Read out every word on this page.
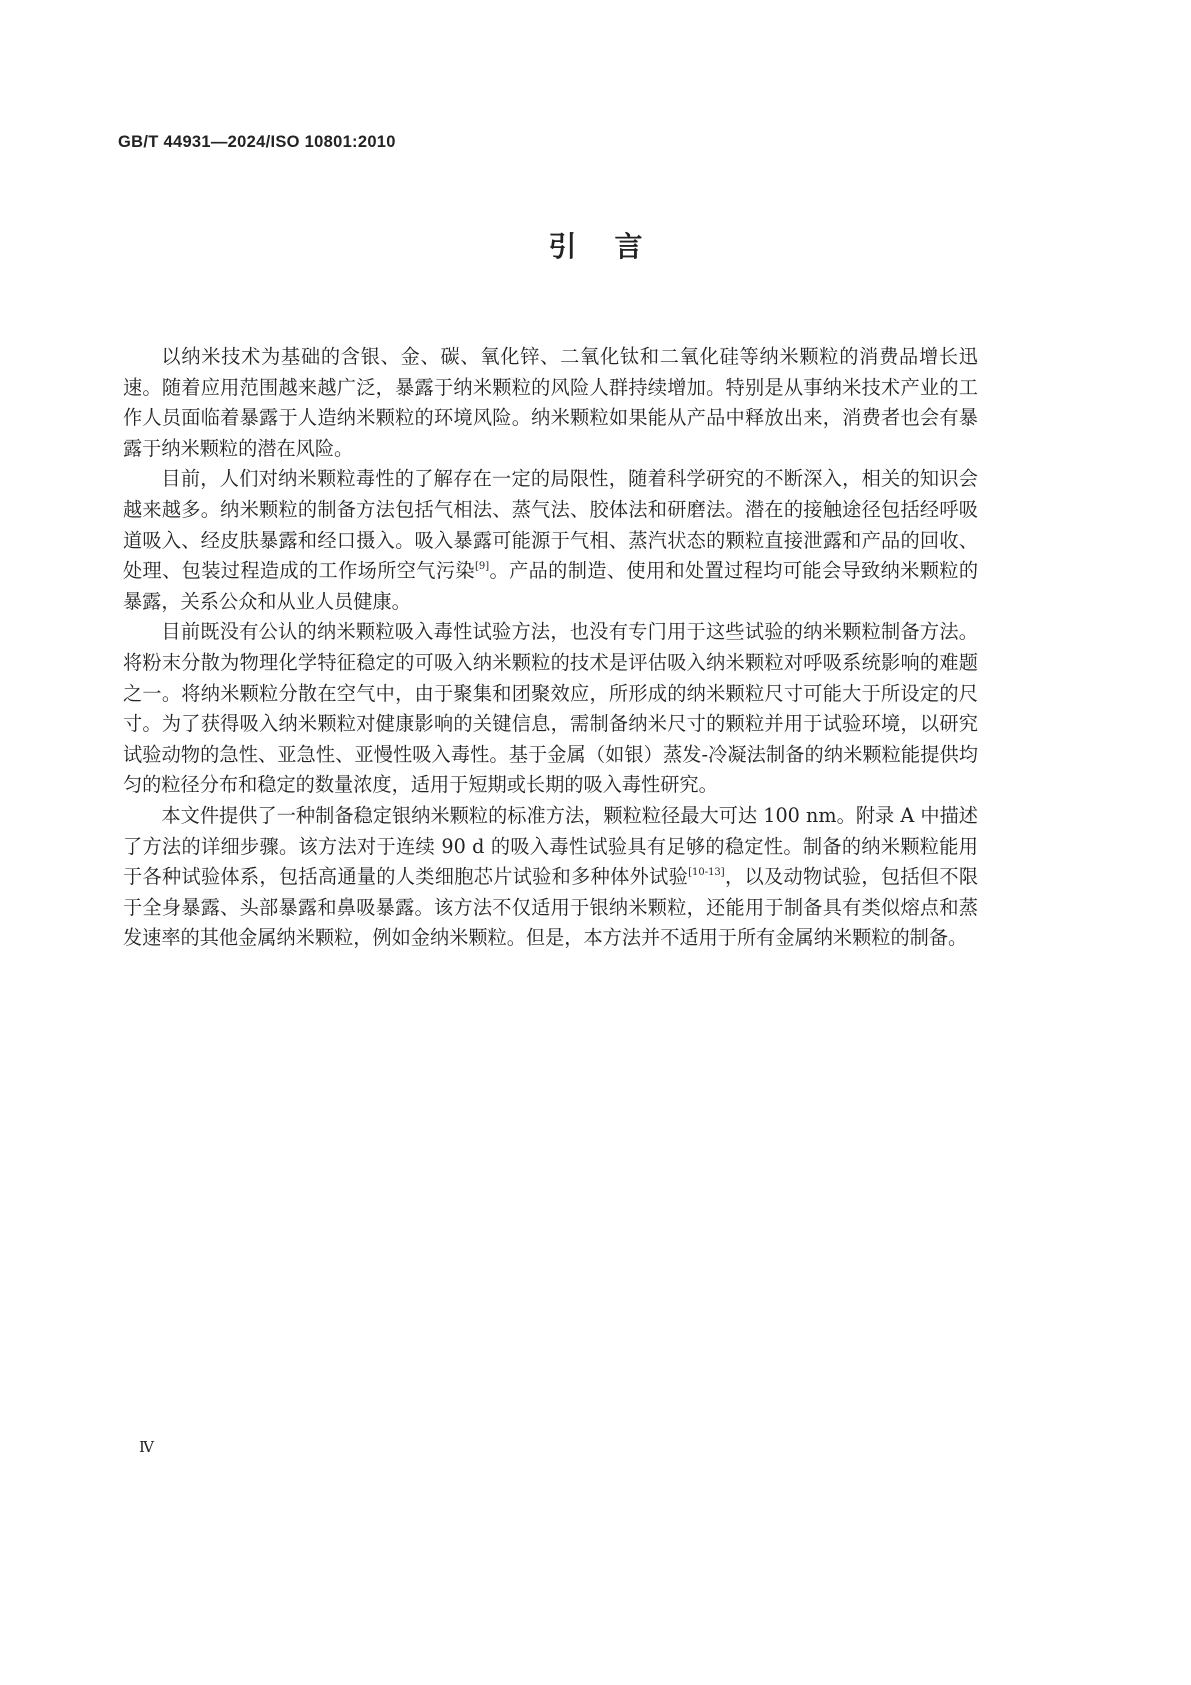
GB/T 44931—2024/ISO 10801:2010
引言

以纳米技术为基础的含银、金、碳、氧化锌、二氧化钛和二氧化硅等纳米颗粒的消费品增长迅速。随着应用范围越来越广泛，暴露于纳米颗粒的风险人群持续增加。特别是从事纳米技术产业的工作人员面临着暴露于人造纳米颗粒的环境风险。纳米颗粒如果能从产品中释放出来，消费者也会有暴露于纳米颗粒的潜在风险。

目前，人们对纳米颗粒毒性的了解存在一定的局限性，随着科学研究的不断深入，相关的知识会越来越多。纳米颗粒的制备方法包括气相法、蒸气法、胶体法和研磨法。潜在的接触途径包括经呼吸道吸入、经皮肤暴露和经口摄入。吸入暴露可能源于气相、蒸汽状态的颗粒直接泄露和产品的回收、处理、包装过程造成的工作场所空气污染[9]。产品的制造、使用和处置过程均可能会导致纳米颗粒的暴露，关系公众和从业人员健康。

目前既没有公认的纳米颗粒吸入毒性试验方法，也没有专门用于这些试验的纳米颗粒制备方法。将粉末分散为物理化学特征稳定的可吸入纳米颗粒的技术是评估吸入纳米颗粒对呼吸系统影响的难题之一。将纳米颗粒分散在空气中，由于聚集和团聚效应，所形成的纳米颗粒尺寸可能大于所设定的尺寸。为了获得吸入纳米颗粒对健康影响的关键信息，需制备纳米尺寸的颗粒并用于试验环境，以研究试验动物的急性、亚急性、亚慢性吸入毒性。基于金属（如银）蒸发-冷凝法制备的纳米颗粒能提供均匀的粒径分布和稳定的数量浓度，适用于短期或长期的吸入毒性研究。

本文件提供了一种制备稳定银纳米颗粒的标准方法，颗粒粒径最大可达 100 nm。附录 A 中描述了方法的详细步骤。该方法对于连续 90 d 的吸入毒性试验具有足够的稳定性。制备的纳米颗粒能用于各种试验体系，包括高通量的人类细胞芯片试验和多种体外试验[10-13]，以及动物试验，包括但不限于全身暴露、头部暴露和鼻吸暴露。该方法不仅适用于银纳米颗粒，还能用于制备具有类似熔点和蒸发速率的其他金属纳米颗粒，例如金纳米颗粒。但是，本方法并不适用于所有金属纳米颗粒的制备。

Ⅳ
